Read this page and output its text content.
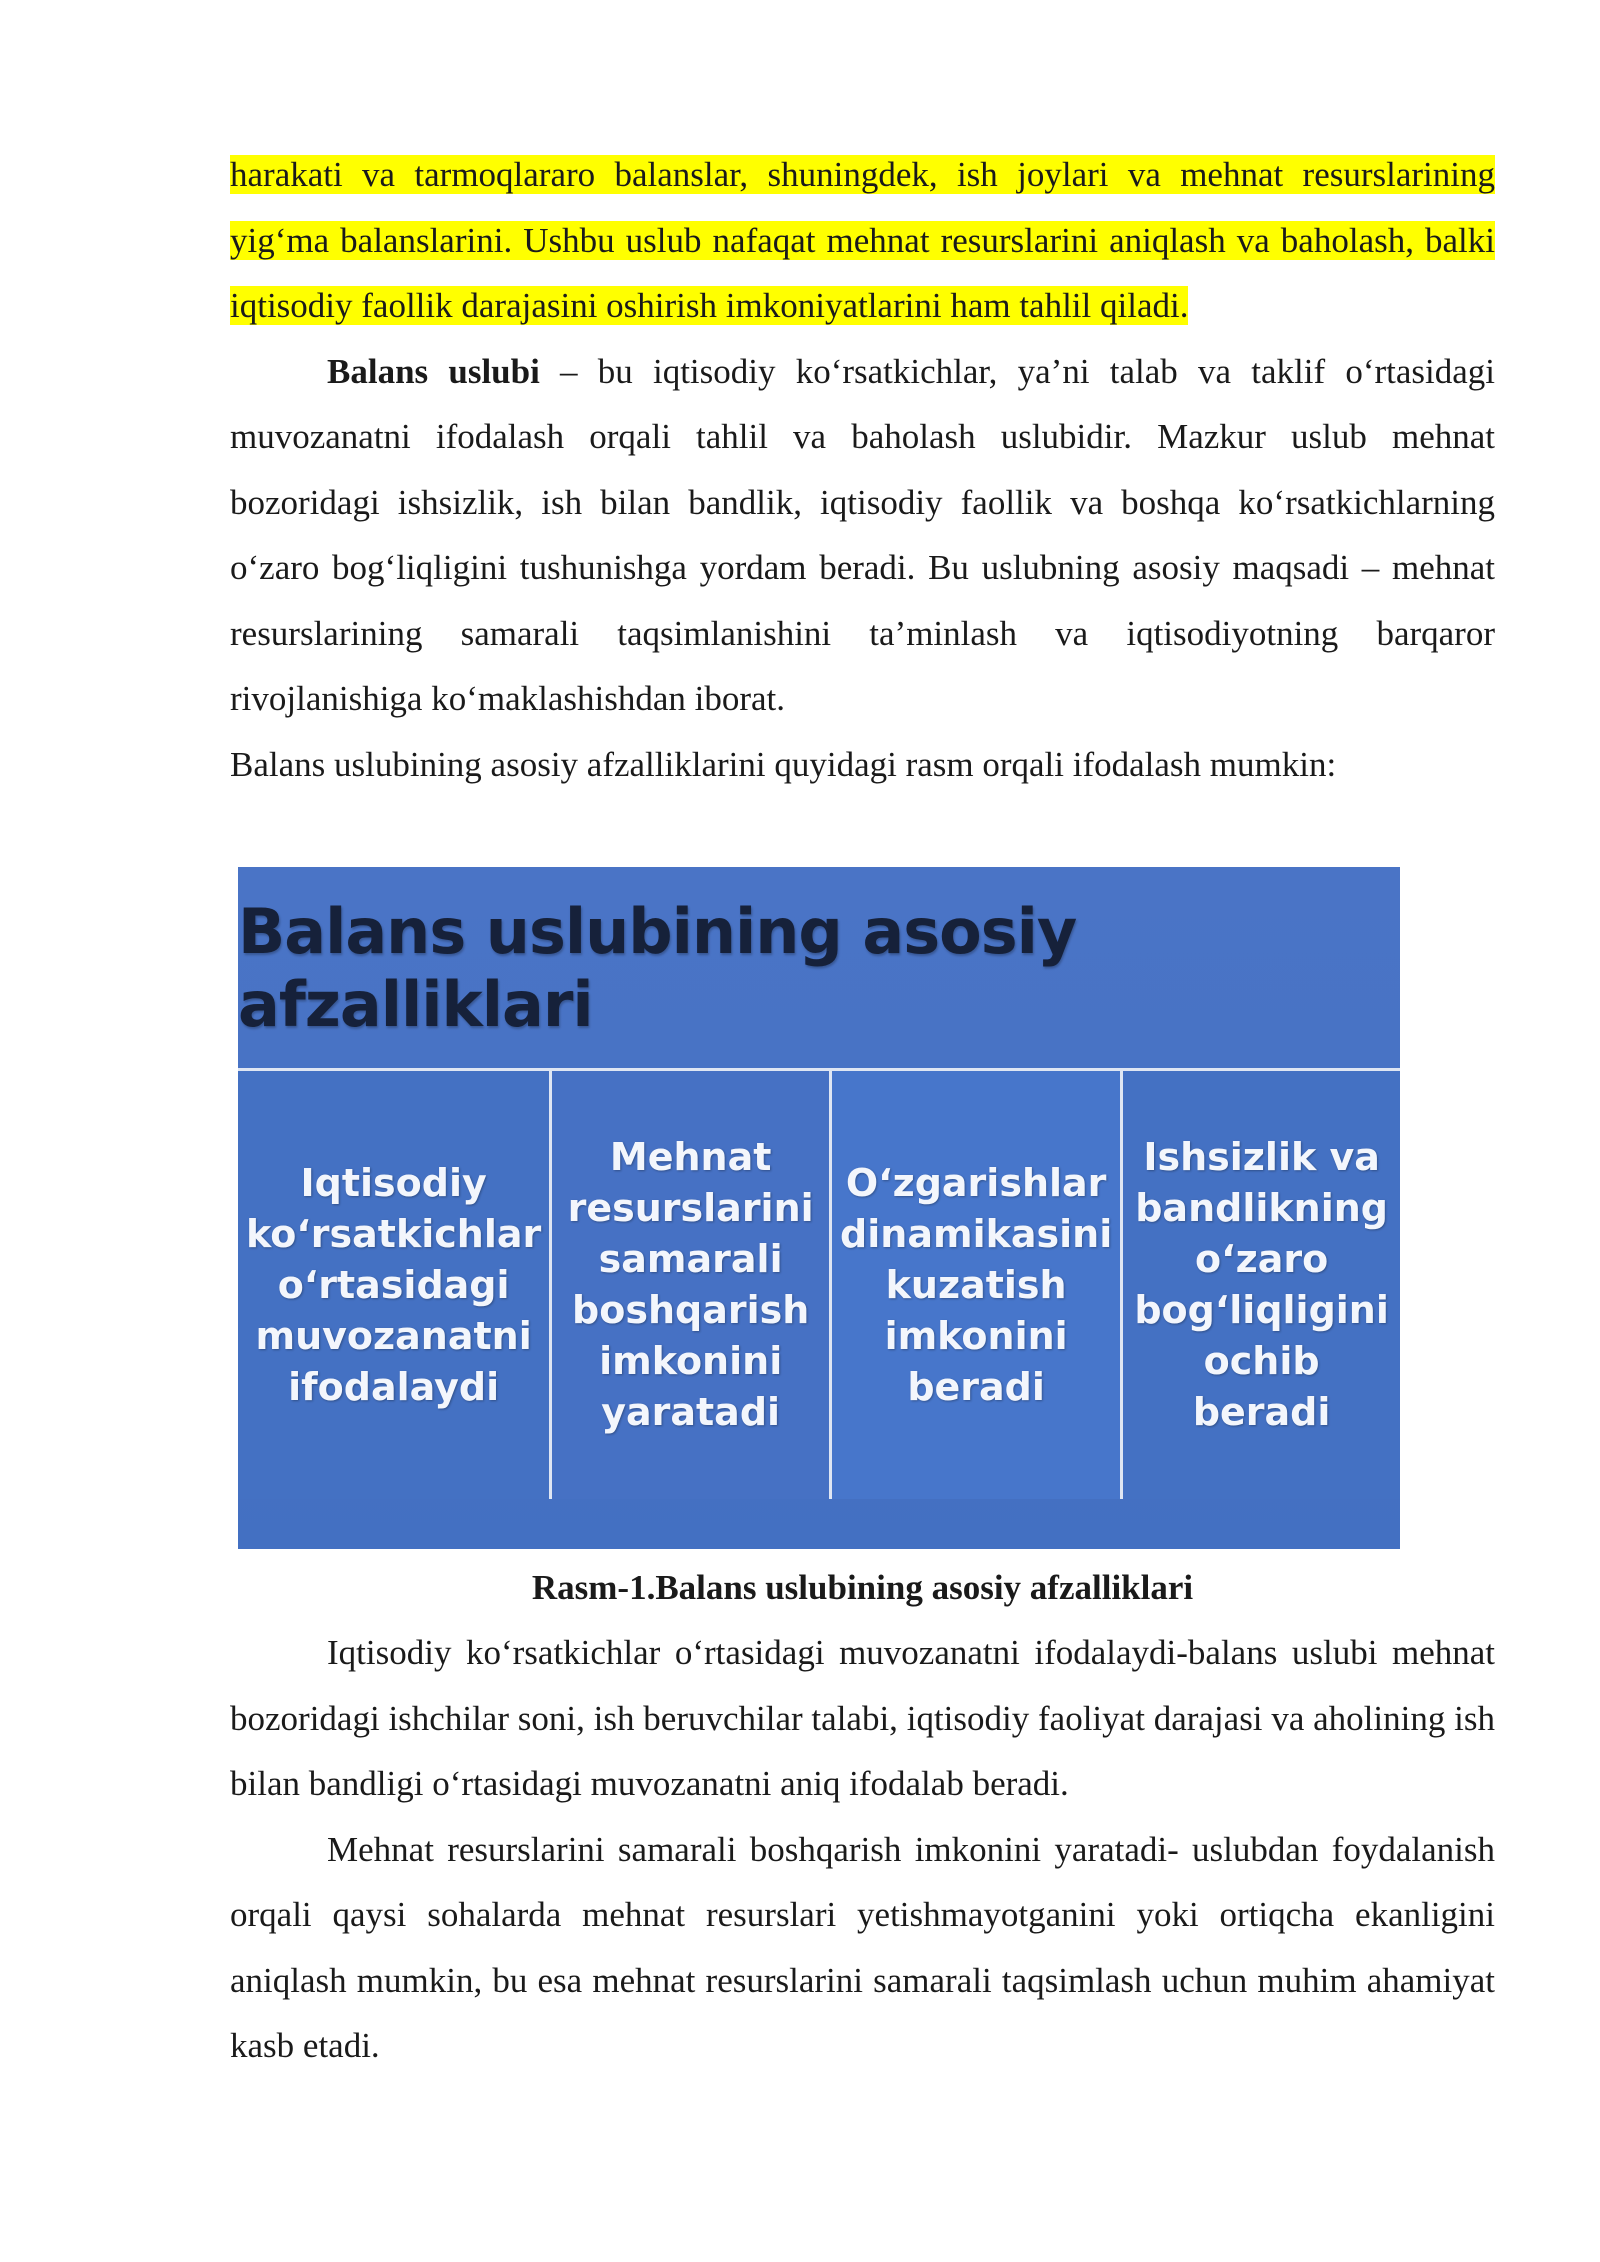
harakati va tarmoqlararo balanslar, shuningdek, ish joylari va mehnat resurslarining yig‘ma balanslarini. Ushbu uslub nafaqat mehnat resurslarini aniqlash va baholash, balki iqtisodiy faollik darajasini oshirish imkoniyatlarini ham tahlil qiladi.

Balans uslubi – bu iqtisodiy ko‘rsatkichlar, ya’ni talab va taklif o‘rtasidagi muvozanatni ifodalash orqali tahlil va baholash uslubidir. Mazkur uslub mehnat bozoridagi ishsizlik, ish bilan bandlik, iqtisodiy faollik va boshqa ko‘rsatkichlarning o‘zaro bog‘liqligini tushunishga yordam beradi. Bu uslubning asosiy maqsadi – mehnat resurslarining samarali taqsimlanishini ta’minlash va iqtisodiyotning barqaror rivojlanishiga ko‘maklashishdan iborat.

Balans uslubining asosiy afzalliklarini quyidagi rasm orqali ifodalash mumkin:

Balans uslubining asosiy afzalliklari
Iqtisodiy ko‘rsatkichlar o‘rtasidagi muvozanatni ifodalaydi
Mehnat resurslarini samarali boshqarish imkonini yaratadi
O‘zgarishlar dinamikasini kuzatish imkonini beradi
Ishsizlik va bandlikning o‘zaro bog‘liqligini ochib beradi

Rasm-1.Balans uslubining asosiy afzalliklari

Iqtisodiy ko‘rsatkichlar o‘rtasidagi muvozanatni ifodalaydi-balans uslubi mehnat bozoridagi ishchilar soni, ish beruvchilar talabi, iqtisodiy faoliyat darajasi va aholining ish bilan bandligi o‘rtasidagi muvozanatni aniq ifodalab beradi.

Mehnat resurslarini samarali boshqarish imkonini yaratadi- uslubdan foydalanish orqali qaysi sohalarda mehnat resurslari yetishmayotganini yoki ortiqcha ekanligini aniqlash mumkin, bu esa mehnat resurslarini samarali taqsimlash uchun muhim ahamiyat kasb etadi.
